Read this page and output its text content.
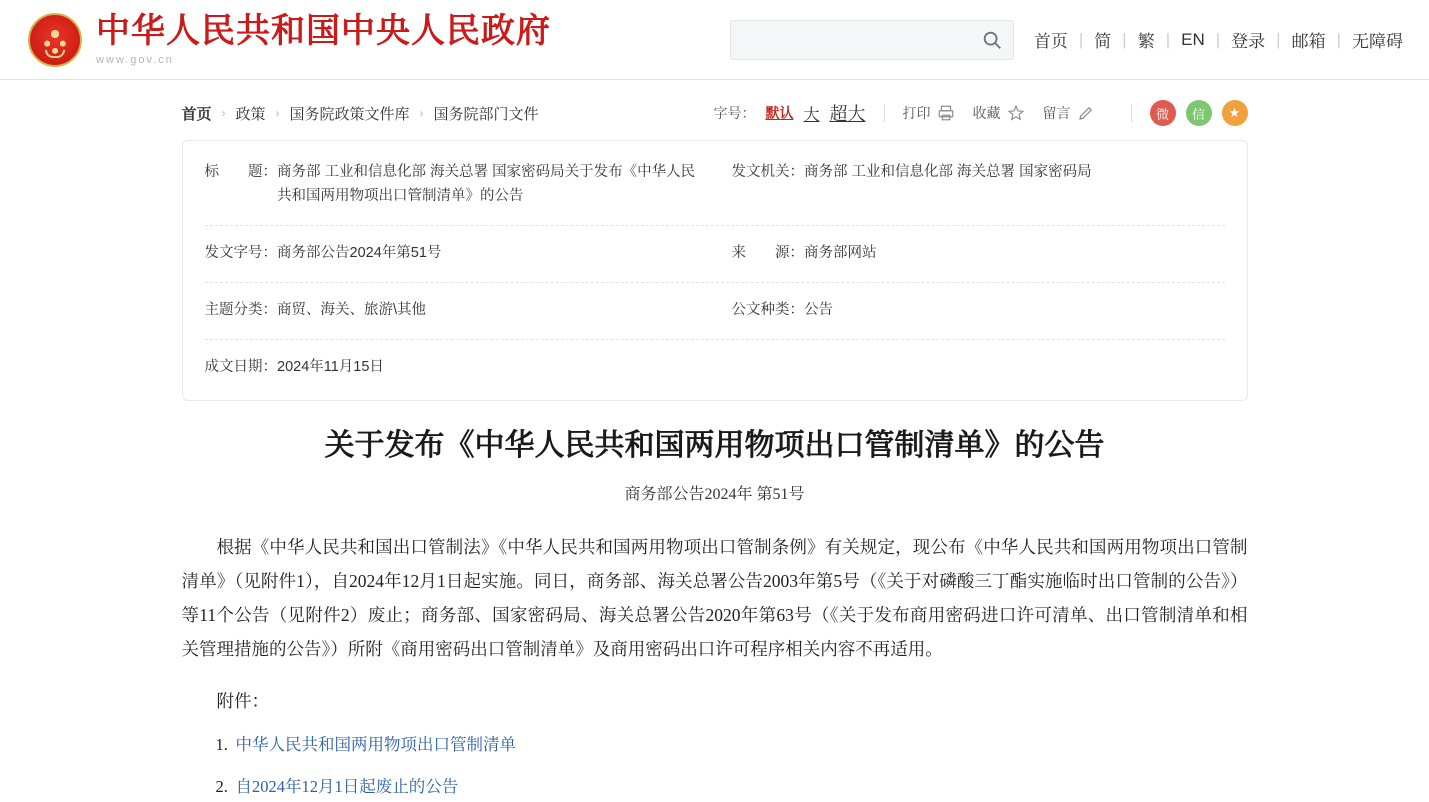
中华人民共和国中央人民政府
www.gov.cn
首页 | 简 | 繁 | EN | 登录 | 邮箱 | 无障碍
首页 › 政策 › 国务院政策文件库 › 国务院部门文件	字号： 默认 大 超大	打印	收藏	留言	微	信	★
标　　题： 商务部 工业和信息化部 海关总署 国家密码局关于发布《中华人民共和国两用物项出口管制清单》的公告
发文机关： 商务部 工业和信息化部 海关总署 国家密码局
发文字号： 商务部公告2024年第51号	来　　源： 商务部网站
主题分类： 商贸、海关、旅游\其他	公文种类： 公告
成文日期： 2024年11月15日
关于发布《中华人民共和国两用物项出口管制清单》的公告
商务部公告2024年 第51号

根据《中华人民共和国出口管制法》《中华人民共和国两用物项出口管制条例》有关规定，现公布《中华人民共和国两用物项出口管制清单》（见附件1），自2024年12月1日起实施。同日，商务部、海关总署公告2003年第5号（《关于对磷酸三丁酯实施临时出口管制的公告》）等11个公告（见附件2）废止；商务部、国家密码局、海关总署公告2020年第63号（《关于发布商用密码进口许可清单、出口管制清单和相关管理措施的公告》）所附《商用密码出口管制清单》及商用密码出口许可程序相关内容不再适用。

附件：

中华人民共和国两用物项出口管制清单
自2024年12月1日起废止的公告
